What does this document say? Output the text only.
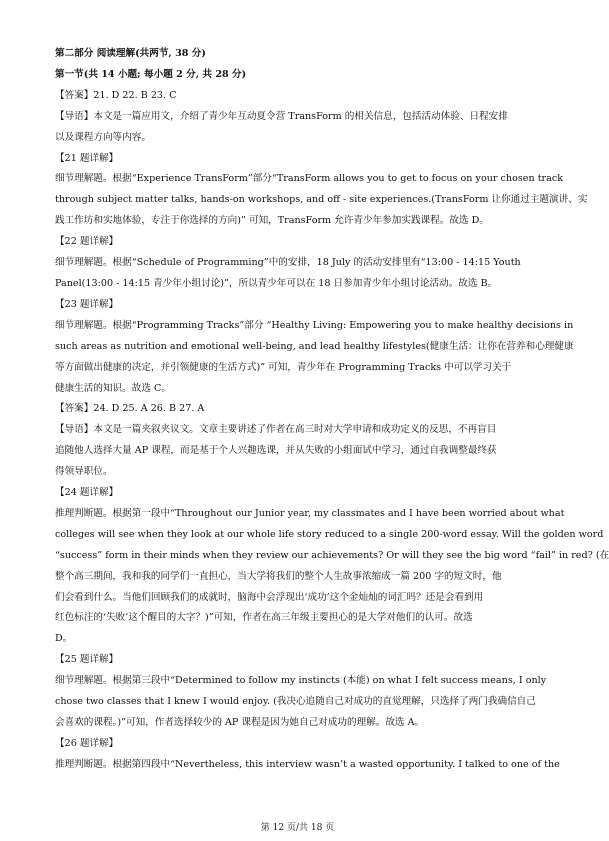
第二部分 阅读理解(共两节, 38 分)
第一节(共 14 小题; 每小题 2 分, 共 28 分)
【答案】21. D 22. B 23. C
【导语】本文是一篇应用文，介绍了青少年互动夏令营 TransForm 的相关信息，包括活动体验、日程安排
以及课程方向等内容。
【21 题详解】
细节理解题。根据“Experience TransForm”部分“TransForm allows you to get to focus on your chosen track
through subject matter talks, hands-on workshops, and off - site experiences.(TransForm 让你通过主题演讲、实
践工作坊和实地体验，专注于你选择的方向)” 可知，TransForm 允许青少年参加实践课程。故选 D。
【22 题详解】
细节理解题。根据“Schedule of Programming”中的安排，18 July 的活动安排里有“13:00 - 14:15 Youth
Panel(13:00 - 14:15 青少年小组讨论)”，所以青少年可以在 18 日参加青少年小组讨论活动。故选 B。
【23 题详解】
细节理解题。根据“Programming Tracks”部分 “Healthy Living: Empowering you to make healthy decisions in
such areas as nutrition and emotional well-being, and lead healthy lifestyles(健康生活：让你在营养和心理健康
等方面做出健康的决定，并引领健康的生活方式)” 可知，青少年在 Programming Tracks 中可以学习关于
健康生活的知识。故选 C。
【答案】24. D 25. A 26. B 27. A
【导语】本文是一篇夹叙夹议文。文章主要讲述了作者在高三时对大学申请和成功定义的反思，不再盲目
追随他人选择大量 AP 课程，而是基于个人兴趣选课，并从失败的小组面试中学习，通过自我调整最终获
得领导职位。
【24 题详解】
推理判断题。根据第一段中“Throughout our Junior year, my classmates and I have been worried about what
colleges will see when they look at our whole life story reduced to a single 200-word essay. Will the golden word
“success” form in their minds when they review our achievements? Or will they see the big word “fail” in red? (在
整个高三期间，我和我的同学们一直担心，当大学将我们的整个人生故事浓缩成一篇 200 字的短文时，他
们会看到什么。当他们回顾我们的成就时，脑海中会浮现出‘成功’这个金灿灿的词汇吗？还是会看到用
红色标注的‘失败’这个醒目的大字？)”可知，作者在高三年级主要担心的是大学对他们的认可。故选
D。
【25 题详解】
细节理解题。根据第三段中“Determined to follow my instincts (本能) on what I felt success means, I only
chose two classes that I knew I would enjoy. (我决心追随自己对成功的直觉理解，只选择了两门我确信自己
会喜欢的课程。)”可知，作者选择较少的 AP 课程是因为她自己对成功的理解。故选 A。
【26 题详解】
推理判断题。根据第四段中“Nevertheless, this interview wasn’t a wasted opportunity. I talked to one of the
第 12 页/共 18 页
